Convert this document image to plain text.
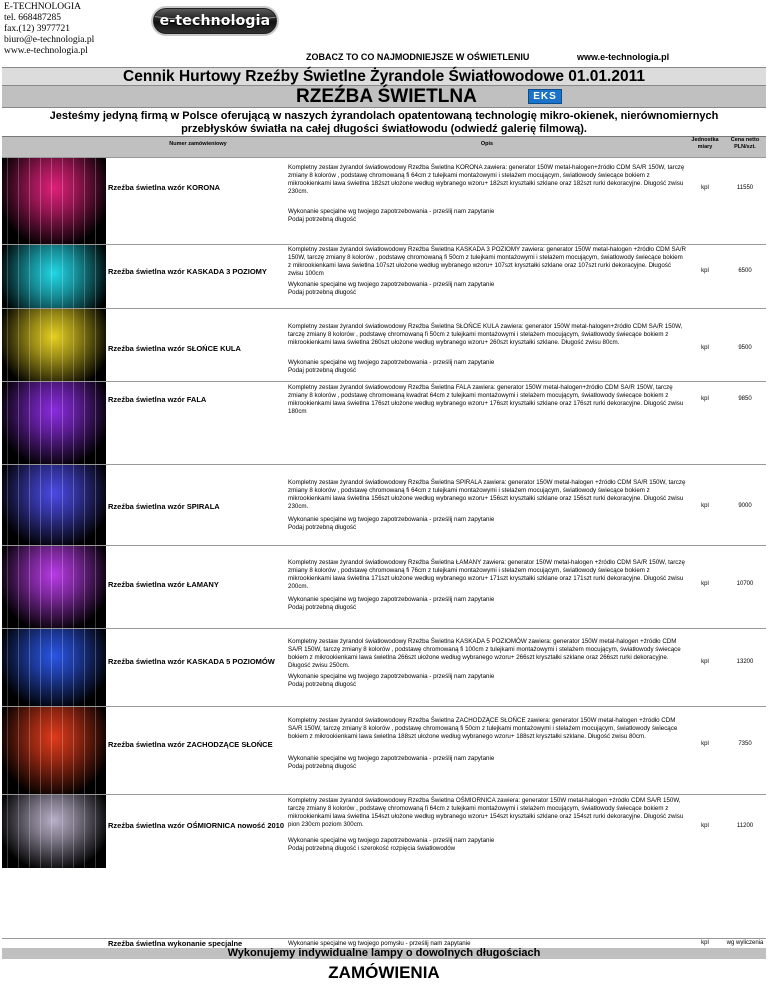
E-TECHNOLOGIA
tel. 668487285
fax.(12) 3977721
biuro@e-technologia.pl
www.e-technologia.pl
e-technologia
ZOBACZ TO CO NAJMODNIEJSZE W OŚWIETLENIU	www.e-technologia.pl
Cennik Hurtowy Rzeźby Świetlne Żyrandole Światłowodowe 01.01.2011
RZEŹBA ŚWIETLNA	EKS
Jesteśmy jedyną firmą w Polsce oferującą w naszych żyrandolach opatentowaną technologię mikro-okienek, nierównomiernych przebłysków światła na całej długości światłowodu (odwiedź galerię filmową).
Numer zamówieniowy	Opis
Jednostka miary
Cena netto PLN/szt.
Rzeźba świetlna wzór KORONA
Kompletny zestaw żyrandol światłowodowy Rzeźba Świetlna KORONA zawiera: generator 150W metal-halogen+źródło CDM SA/R 150W, tarczę zmiany 8 kolorów , podstawę chromowaną fi 64cm z tulejkami montażowymi i stelażem mocującym, światłowody świecące bokiem z mikrookienkami lawa świetlna 182szt ułożone według wybranego wzoru+ 182szt kryształki szklane oraz 182szt rurki dekoracyjne. Długość zwisu 230cm.
Wykonanie specjalne wg twojego zapotrzebowania - prześlij nam zapytanie
Podaj potrzebną długość
kpl	11550
Rzeźba świetlna wzór KASKADA 3 POZIOMY
Kompletny zestaw żyrandol światłowodowy Rzeźba Świetlna KASKADA 3 POZIOMY zawiera: generator 150W metal-halogen +źródło CDM SA/R 150W, tarczę zmiany 8 kolorów , podstawę chromowaną fi 50cm z tulejkami montażowymi i stelażem mocującym, światłowody świecące bokiem z mikrookienkami lawa świetlna 107szt ułożone według wybranego wzoru+ 107szt kryształki szklane oraz 107szt rurki dekoracyjne. Długość zwisu 100cm
Wykonanie specjalne wg twojego zapotrzebowania - prześlij nam zapytanie
Podaj potrzebną długość
kpl	6500
Rzeźba świetlna wzór SŁOŃCE KULA
Kompletny zestaw żyrandol światłowodowy Rzeźba Świetlna SŁOŃCE KULA zawiera: generator 150W metal-halogen+źródło CDM SA/R 150W, tarczę zmiany 8 kolorów , podstawę chromowaną fi 50cm z tulejkami montażowymi i stelażem mocującym, światłowody świecące bokiem z mikrookienkami lawa świetlna 260szt ułożone według wybranego wzoru+ 260szt kryształki szklane. Długość zwisu 80cm.
Wykonanie specjalne wg twojego zapotrzebowania - prześlij nam zapytanie
Podaj potrzebną długość
kpl	9500
Rzeźba świetlna wzór FALA
Kompletny zestaw żyrandol światłowodowy Rzeźba Świetlna FALA zawiera: generator 150W metal-halogen+źródło CDM SA/R 150W, tarczę zmiany 8 kolorów , podstawę chromowaną kwadrat 64cm z tulejkami montażowymi i stelażem mocującym, światłowody świecące bokiem z mikrookienkami lawa świetlna 176szt ułożone według wybranego wzoru+ 176szt kryształki szklane oraz 176szt rurki dekoracyjne. Długość zwisu 180cm
kpl	9850
Rzeźba świetlna wzór SPIRALA
Kompletny zestaw żyrandol światłowodowy Rzeźba Świetlna SPIRALA zawiera: generator 150W metal-halogen +źródło CDM SA/R 150W, tarczę zmiany 8 kolorów , podstawę chromowaną fi 64cm z tulejkami montażowymi i stelażem mocującym, światłowody świecące bokiem z mikrookienkami lawa świetlna 156szt ułożone według wybranego wzoru+ 156szt kryształki szklane oraz 156szt rurki dekoracyjne. Długość zwisu 230cm.
Wykonanie specjalne wg twojego zapotrzebowania - prześlij nam zapytanie
Podaj potrzebną długość
kpl	9000
Rzeźba świetlna wzór ŁAMANY
Kompletny zestaw żyrandol światłowodowy Rzeźba Świetlna ŁAMANY zawiera: generator 150W metal-halogen +źródło CDM SA/R 150W, tarczę zmiany 8 kolorów , podstawę chromowaną fi 76cm z tulejkami montażowymi i stelażem mocującym, światłowody świecące bokiem z mikrookienkami lawa świetlna 171szt ułożone według wybranego wzoru+ 171szt kryształki szklane oraz 171szt rurki dekoracyjne. Długość zwisu 200cm.
Wykonanie specjalne wg twojego zapotrzebowania - prześlij nam zapytanie
Podaj potrzebną długość
kpl	10700
Rzeźba świetlna wzór KASKADA 5 POZIOMÓW
Kompletny zestaw żyrandol światłowodowy Rzeźba Świetlna KASKADA 5 POZIOMÓW zawiera: generator 150W metal-halogen +źródło CDM SA/R 150W, tarczę zmiany 8 kolorów , podstawę chromowaną fi 100cm z tulejkami montażowymi i stelażem mocującym, światłowody świecące bokiem z mikrookienkami lawa świetlna 266szt ułożone według wybranego wzoru+ 266szt kryształki szklane oraz 266szt rurki dekoracyjne. Długość zwisu 250cm.
Wykonanie specjalne wg twojego zapotrzebowania - prześlij nam zapytanie
Podaj potrzebną długość
kpl	13200
Rzeźba świetlna wzór ZACHODZĄCE SŁOŃCE
Kompletny zestaw żyrandol światłowodowy Rzeźba Świetlna ZACHODZĄCE SŁOŃCE zawiera: generator 150W metal-halogen +źródło CDM SA/R 150W, tarczę zmiany 8 kolorów , podstawę chromowaną fi 50cm z tulejkami montażowymi i stelażem mocującym, światłowody świecące bokiem z mikrookienkami lawa świetlna 188szt ułożone według wybranego wzoru+ 188szt kryształki szklane. Długość zwisu 80cm.
Wykonanie specjalne wg twojego zapotrzebowania - prześlij nam zapytanie
Podaj potrzebną długość
kpl	7350
Rzeźba świetlna wzór OŚMIORNICA nowość 2010
Kompletny zestaw żyrandol światłowodowy Rzeźba Świetlna OŚMIORNICA zawiera: generator 150W metal-halogen +źródło CDM SA/R 150W, tarczę zmiany 8 kolorów , podstawę chromowaną fi 64cm z tulejkami montażowymi i stelażem mocującym, światłowody świecące bokiem z mikrookienkami lawa świetlna 154szt ułożone według wybranego wzoru+ 154szt kryształki szklane oraz 154szt rurki dekoracyjne. Długość zwisu pion 230cm poziom 300cm.
Wykonanie specjalne wg twojego zapotrzebowania - prześlij nam zapytanie
Podaj potrzebną długość i szerokość rozpięcia światłowodów
kpl	11200
Rzeźba świetlna wykonanie specjalne	Wykonanie specjalne wg twojego pomysłu - prześlij nam zapytanie	kpl	wg wyliczenia
Wykonujemy indywidualne lampy o dowolnych długościach
ZAMÓWIENIA
